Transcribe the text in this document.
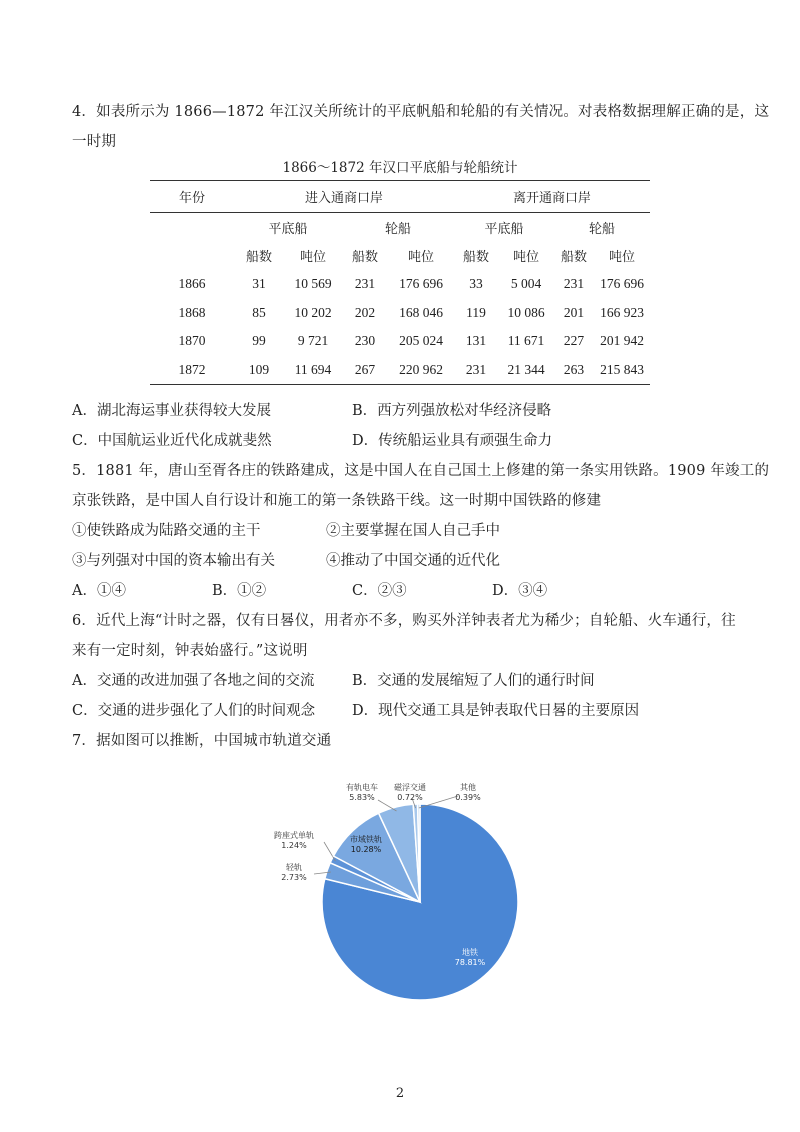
4．如表所示为 1866—1872 年江汉关所统计的平底帆船和轮船的有关情况。对表格数据理解正确的是，这
一时期
1866～1872 年汉口平底船与轮船统计
年份	进入通商口岸				离开通商口岸			
	平底船		轮船		平底船		轮船	
	船数	吨位	船数	吨位	船数	吨位	船数	吨位
1866	31	10 569	231	176 696	33	5 004	231	176 696
1868	85	10 202	202	168 046	119	10 086	201	166 923
1870	99	9 721	230	205 024	131	11 671	227	201 942
1872	109	11 694	267	220 962	231	21 344	263	215 843
A．湖北海运事业获得较大发展	B．西方列强放松对华经济侵略
C．中国航运业近代化成就斐然	D．传统船运业具有顽强生命力
5．1881 年，唐山至胥各庄的铁路建成，这是中国人在自己国土上修建的第一条实用铁路。1909 年竣工的
京张铁路，是中国人自行设计和施工的第一条铁路干线。这一时期中国铁路的修建
①使铁路成为陆路交通的主干	②主要掌握在国人自己手中
③与列强对中国的资本输出有关	④推动了中国交通的近代化
A．①④	B．①②	C．②③	D．③④
6．近代上海“计时之器，仅有日晷仪，用者亦不多，购买外洋钟表者尤为稀少；自轮船、火车通行，往
来有一定时刻，钟表始盛行。”这说明
A．交通的改进加强了各地之间的交流	B．交通的发展缩短了人们的通行时间
C．交通的进步强化了人们的时间观念	D．现代交通工具是钟表取代日晷的主要原因
7．据如图可以推断，中国城市轨道交通
地铁
78.81%
轻轨
2.73%
跨座式单轨
1.24%
市域铁轨
10.28%
有轨电车
5.83%
磁浮交通
0.72%
其他
0.39%
2
